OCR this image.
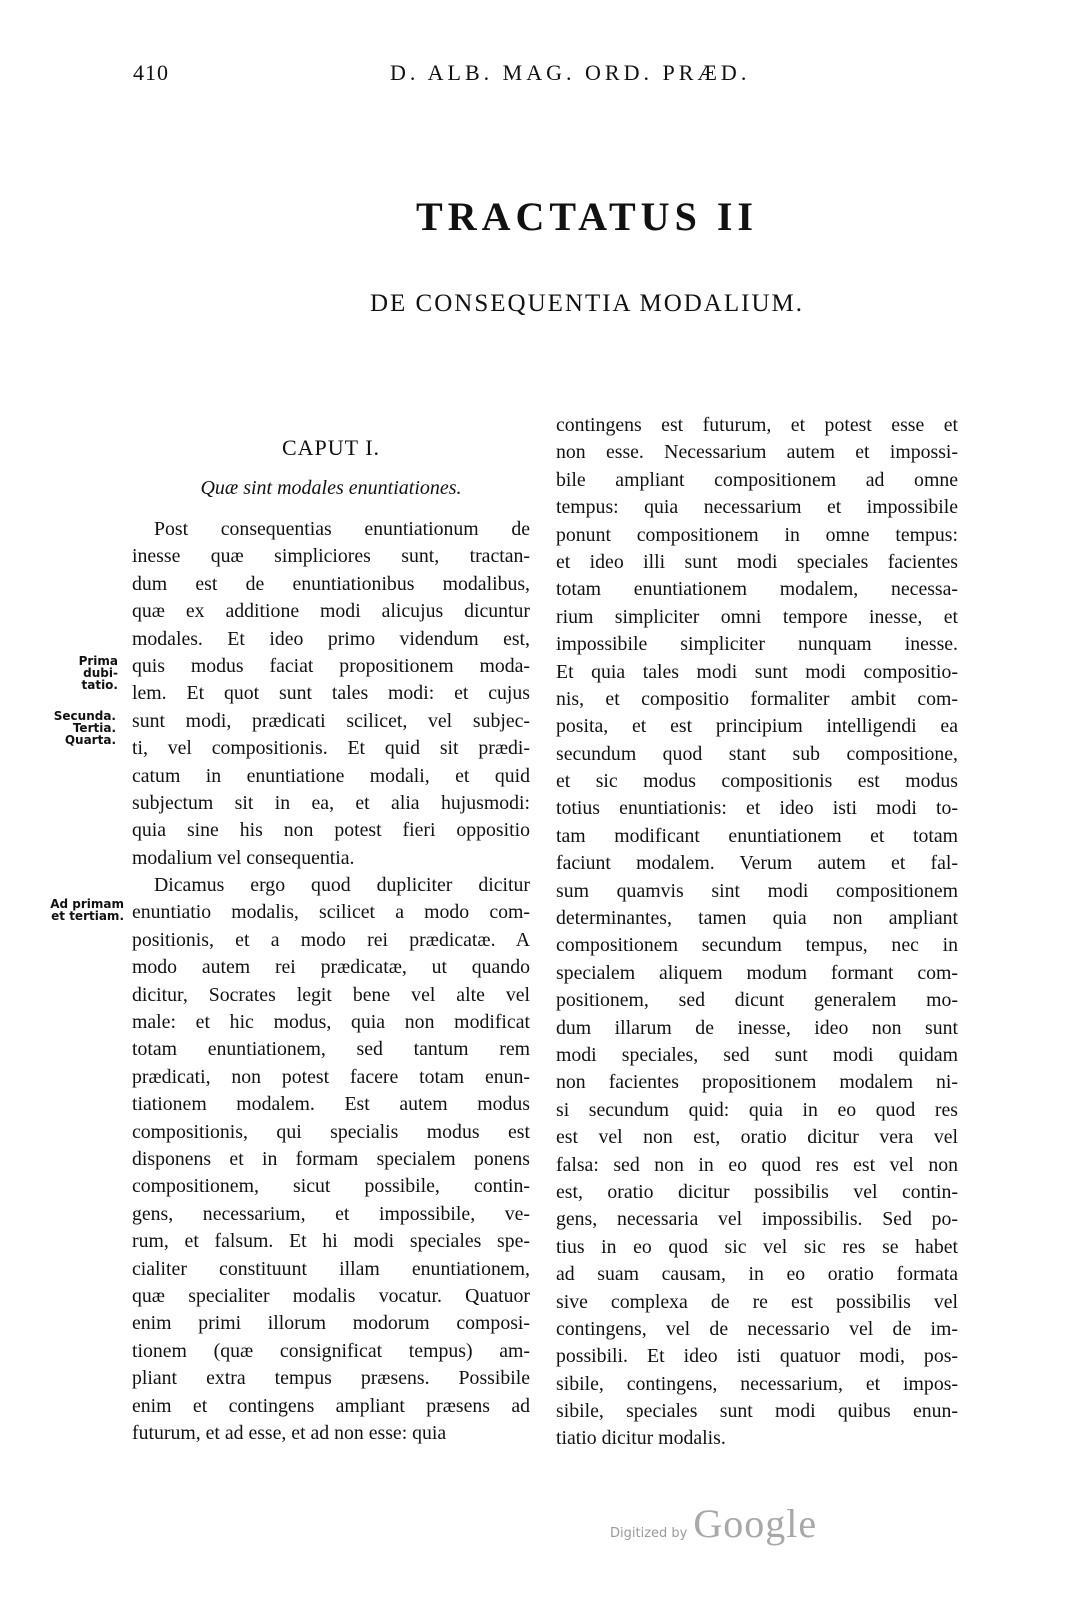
410	D. ALB. MAG. ORD. PRÆD.
TRACTATUS II
DE CONSEQUENTIA MODALIUM.
CAPUT I.
Quæ sint modales enuntiationes.
Post consequentias enuntiationum de
inesse quæ simpliciores sunt, tractan-
dum est de enuntiationibus modalibus,
quæ ex additione modi alicujus dicuntur
modales. Et ideo primo videndum est,
quis modus faciat propositionem moda-
lem. Et quot sunt tales modi: et cujus
sunt modi, prædicati scilicet, vel subjec-
ti, vel compositionis. Et quid sit prædi-
catum in enuntiatione modali, et quid
subjectum sit in ea, et alia hujusmodi:
quia sine his non potest fieri oppositio
modalium vel consequentia.
Dicamus ergo quod dupliciter dicitur
enuntiatio modalis, scilicet a modo com-
positionis, et a modo rei prædicatæ. A
modo autem rei prædicatæ, ut quando
dicitur, Socrates legit bene vel alte vel
male: et hic modus, quia non modificat
totam enuntiationem, sed tantum rem
prædicati, non potest facere totam enun-
tiationem modalem. Est autem modus
compositionis, qui specialis modus est
disponens et in formam specialem ponens
compositionem, sicut possibile, contin-
gens, necessarium, et impossibile, ve-
rum, et falsum. Et hi modi speciales spe-
cialiter constituunt illam enuntiationem,
quæ specialiter modalis vocatur. Quatuor
enim primi illorum modorum composi-
tionem (quæ consignificat tempus) am-
pliant extra tempus præsens. Possibile
enim et contingens ampliant præsens ad
futurum, et ad esse, et ad non esse: quia
contingens est futurum, et potest esse et
non esse. Necessarium autem et impossi-
bile ampliant compositionem ad omne
tempus: quia necessarium et impossibile
ponunt compositionem in omne tempus:
et ideo illi sunt modi speciales facientes
totam enuntiationem modalem, necessa-
rium simpliciter omni tempore inesse, et
impossibile simpliciter nunquam inesse.
Et quia tales modi sunt modi compositio-
nis, et compositio formaliter ambit com-
posita, et est principium intelligendi ea
secundum quod stant sub compositione,
et sic modus compositionis est modus
totius enuntiationis: et ideo isti modi to-
tam modificant enuntiationem et totam
faciunt modalem. Verum autem et fal-
sum quamvis sint modi compositionem
determinantes, tamen quia non ampliant
compositionem secundum tempus, nec in
specialem aliquem modum formant com-
positionem, sed dicunt generalem mo-
dum illarum de inesse, ideo non sunt
modi speciales, sed sunt modi quidam
non facientes propositionem modalem ni-
si secundum quid: quia in eo quod res
est vel non est, oratio dicitur vera vel
falsa: sed non in eo quod res est vel non
est, oratio dicitur possibilis vel contin-
gens, necessaria vel impossibilis. Sed po-
tius in eo quod sic vel sic res se habet
ad suam causam, in eo oratio formata
sive complexa de re est possibilis vel
contingens, vel de necessario vel de im-
possibili. Et ideo isti quatuor modi, pos-
sibile, contingens, necessarium, et impos-
sibile, speciales sunt modi quibus enun-
tiatio dicitur modalis.
Prima dubi-
tatio.
Secunda.
Tertia.
Quarta.
Ad primam
et tertiam.
Digitized by Google
